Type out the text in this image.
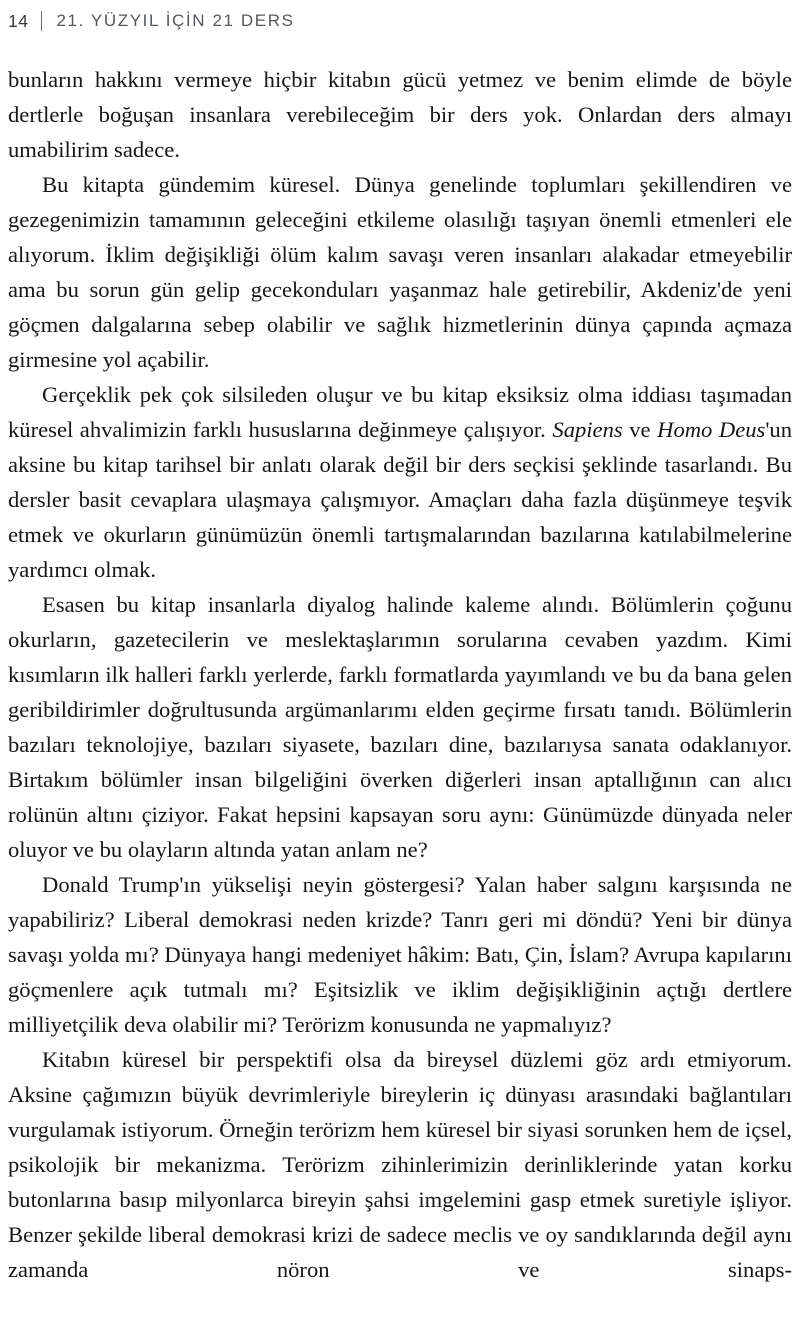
14 21. YÜZYIL İÇİN 21 DERS

bunların hakkını vermeye hiçbir kitabın gücü yetmez ve benim elimde de böyle dertlerle boğuşan insanlara verebileceğim bir ders yok. Onlardan ders almayı umabilirim sadece.

Bu kitapta gündemim küresel. Dünya genelinde toplumları şekillendiren ve gezegenimizin tamamının geleceğini etkileme olasılığı taşıyan önemli etmenleri ele alıyorum. İklim değişikliği ölüm kalım savaşı veren insanları alakadar etmeyebilir ama bu sorun gün gelip gecekonduları yaşanmaz hale getirebilir, Akdeniz'de yeni göçmen dalgalarına sebep olabilir ve sağlık hizmetlerinin dünya çapında açmaza girmesine yol açabilir.

Gerçeklik pek çok silsileden oluşur ve bu kitap eksiksiz olma iddiası taşımadan küresel ahvalimizin farklı hususlarına değinmeye çalışıyor. Sapiens ve Homo Deus'un aksine bu kitap tarihsel bir anlatı olarak değil bir ders seçkisi şeklinde tasarlandı. Bu dersler basit cevaplara ulaşmaya çalışmıyor. Amaçları daha fazla düşünmeye teşvik etmek ve okurların günümüzün önemli tartışmalarından bazılarına katılabilmelerine yardımcı olmak.

Esasen bu kitap insanlarla diyalog halinde kaleme alındı. Bölümlerin çoğunu okurların, gazetecilerin ve meslektaşlarımın sorularına cevaben yazdım. Kimi kısımların ilk halleri farklı yerlerde, farklı formatlarda yayımlandı ve bu da bana gelen geribildirimler doğrultusunda argümanlarımı elden geçirme fırsatı tanıdı. Bölümlerin bazıları teknolojiye, bazıları siyasete, bazıları dine, bazılarıysa sanata odaklanıyor. Birtakım bölümler insan bilgeliğini överken diğerleri insan aptallığının can alıcı rolünün altını çiziyor. Fakat hepsini kapsayan soru aynı: Günümüzde dünyada neler oluyor ve bu olayların altında yatan anlam ne?

Donald Trump'ın yükselişi neyin göstergesi? Yalan haber salgını karşısında ne yapabiliriz? Liberal demokrasi neden krizde? Tanrı geri mi döndü? Yeni bir dünya savaşı yolda mı? Dünyaya hangi medeniyet hâkim: Batı, Çin, İslam? Avrupa kapılarını göçmenlere açık tutmalı mı? Eşitsizlik ve iklim değişikliğinin açtığı dertlere milliyetçilik deva olabilir mi? Terörizm konusunda ne yapmalıyız?

Kitabın küresel bir perspektifi olsa da bireysel düzlemi göz ardı etmiyorum. Aksine çağımızın büyük devrimleriyle bireylerin iç dünyası arasındaki bağlantıları vurgulamak istiyorum. Örneğin terörizm hem küresel bir siyasi sorunken hem de içsel, psikolojik bir mekanizma. Terörizm zihinlerimizin derinliklerinde yatan korku butonlarına basıp milyonlarca bireyin şahsi imgelemini gasp etmek suretiyle işliyor. Benzer şekilde liberal demokrasi krizi de sadece meclis ve oy sandıklarında değil aynı zamanda nöron ve sinaps-
